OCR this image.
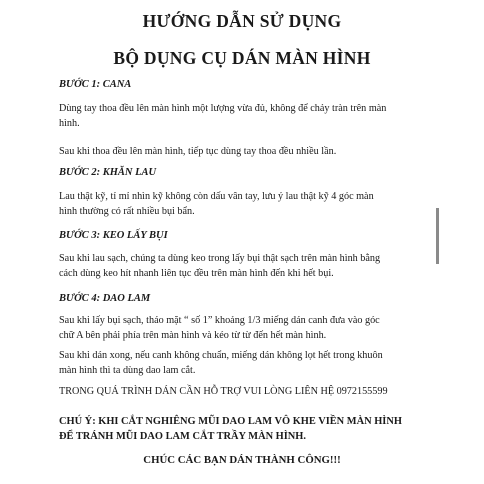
HƯỚNG DẪN SỬ DỤNG
BỘ DỤNG CỤ DÁN MÀN HÌNH
BƯỚC 1: CANA
Dùng tay thoa đều lên màn hình một lượng vừa đủ, không để chảy tràn trên màn hình.
Sau khi thoa đều lên màn hình, tiếp tục dùng tay thoa đều nhiều lần.
BƯỚC 2: KHĂN LAU
Lau thật kỹ, tỉ mỉ nhìn kỹ không còn dấu vân tay, lưu ý lau thật kỹ 4 góc màn hình thường có rất nhiều bụi bẩn.
BƯỚC 3: KEO LẤY BỤI
Sau khi lau sạch, chúng ta dùng keo trong lấy bụi thật sạch trên màn hình bằng cách dùng keo hít nhanh liên tục đều trên màn hình đến khi hết bụi.
BƯỚC 4: DAO LAM
Sau khi lấy bụi sạch, tháo mặt “ số 1” khoảng 1/3 miếng dán canh đưa vào góc chữ A bên phải phía trên màn hình và kéo từ từ đến hết màn hình.
Sau khi dán xong, nếu canh không chuẩn, miếng dán không lọt hết trong khuôn màn hình thì ta dùng dao lam cắt.
TRONG QUÁ TRÌNH DÁN CẦN HỖ TRỢ VUI LÒNG LIÊN HỆ 0972155599
CHÚ Ý: KHI CẮT NGHIÊNG MŨI DAO LAM VÔ KHE VIỀN MÀN HÌNH ĐỂ TRÁNH MŨI DAO LAM CẮT TRẦY MÀN HÌNH.
CHÚC CÁC BẠN DÁN THÀNH CÔNG!!!
